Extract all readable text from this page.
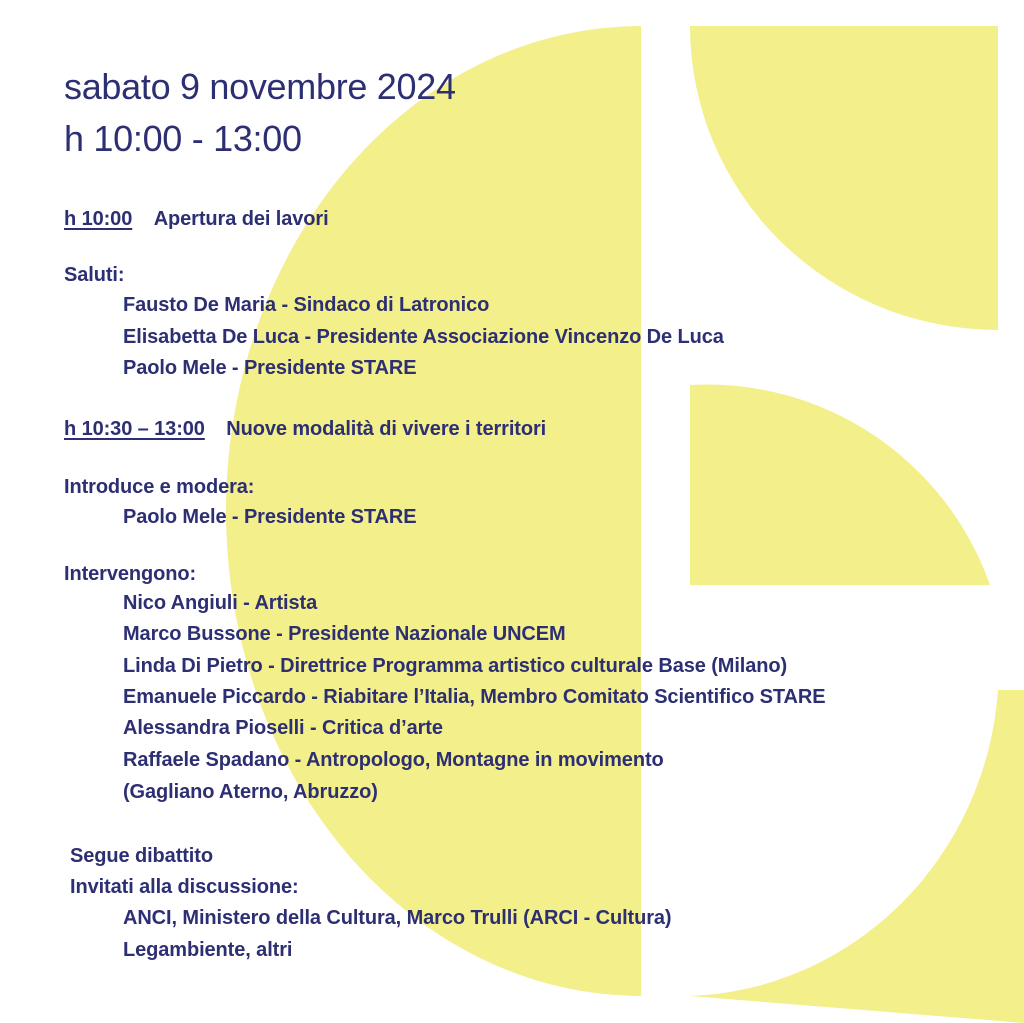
sabato 9 novembre 2024
h 10:00 - 13:00
h 10:00 Apertura dei lavori
Saluti:
Fausto De Maria - Sindaco di Latronico
Elisabetta De Luca - Presidente Associazione Vincenzo De Luca
Paolo Mele - Presidente STARE
h 10:30 – 13:00 Nuove modalità di vivere i territori
Introduce e modera:
Paolo Mele - Presidente STARE
Intervengono:
Nico Angiuli - Artista
Marco Bussone - Presidente Nazionale UNCEM
Linda Di Pietro - Direttrice Programma artistico culturale Base (Milano)
Emanuele Piccardo - Riabitare l’Italia, Membro Comitato Scientifico STARE
Alessandra Pioselli - Critica d’arte
Raffaele Spadano - Antropologo, Montagne in movimento
(Gagliano Aterno, Abruzzo)
Segue dibattito
Invitati alla discussione:
ANCI, Ministero della Cultura, Marco Trulli (ARCI - Cultura)
Legambiente, altri
